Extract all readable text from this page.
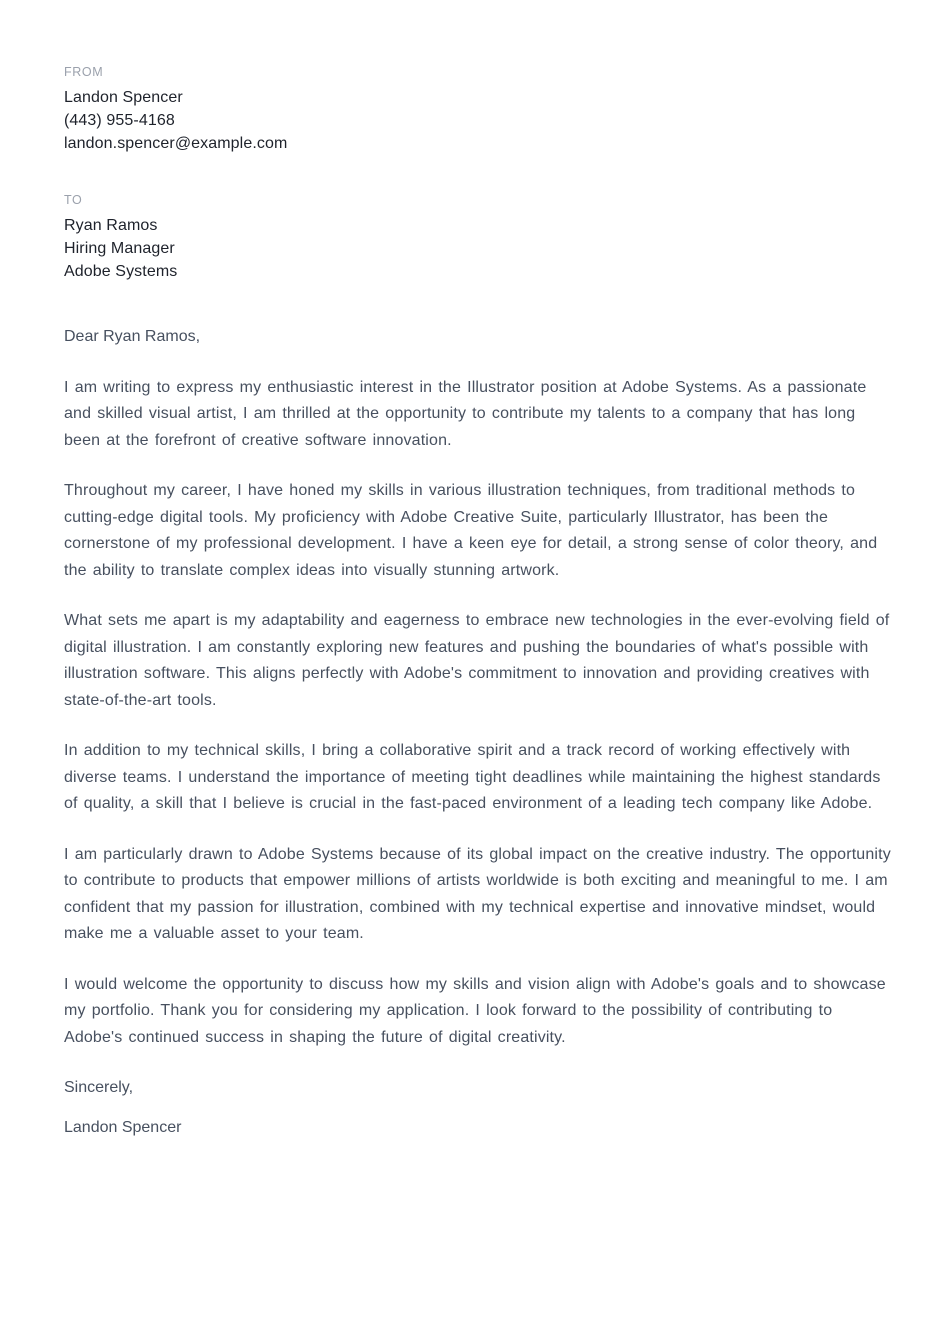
FROM
Landon Spencer
(443) 955-4168
landon.spencer@example.com
TO
Ryan Ramos
Hiring Manager
Adobe Systems

Dear Ryan Ramos,

I am writing to express my enthusiastic interest in the Illustrator position at Adobe Systems. As a passionate and skilled visual artist, I am thrilled at the opportunity to contribute my talents to a company that has long been at the forefront of creative software innovation.

Throughout my career, I have honed my skills in various illustration techniques, from traditional methods to cutting-edge digital tools. My proficiency with Adobe Creative Suite, particularly Illustrator, has been the cornerstone of my professional development. I have a keen eye for detail, a strong sense of color theory, and the ability to translate complex ideas into visually stunning artwork.

What sets me apart is my adaptability and eagerness to embrace new technologies in the ever-evolving field of digital illustration. I am constantly exploring new features and pushing the boundaries of what's possible with illustration software. This aligns perfectly with Adobe's commitment to innovation and providing creatives with state-of-the-art tools.

In addition to my technical skills, I bring a collaborative spirit and a track record of working effectively with diverse teams. I understand the importance of meeting tight deadlines while maintaining the highest standards of quality, a skill that I believe is crucial in the fast-paced environment of a leading tech company like Adobe.

I am particularly drawn to Adobe Systems because of its global impact on the creative industry. The opportunity to contribute to products that empower millions of artists worldwide is both exciting and meaningful to me. I am confident that my passion for illustration, combined with my technical expertise and innovative mindset, would make me a valuable asset to your team.

I would welcome the opportunity to discuss how my skills and vision align with Adobe's goals and to showcase my portfolio. Thank you for considering my application. I look forward to the possibility of contributing to Adobe's continued success in shaping the future of digital creativity.

Sincerely,

Landon Spencer
